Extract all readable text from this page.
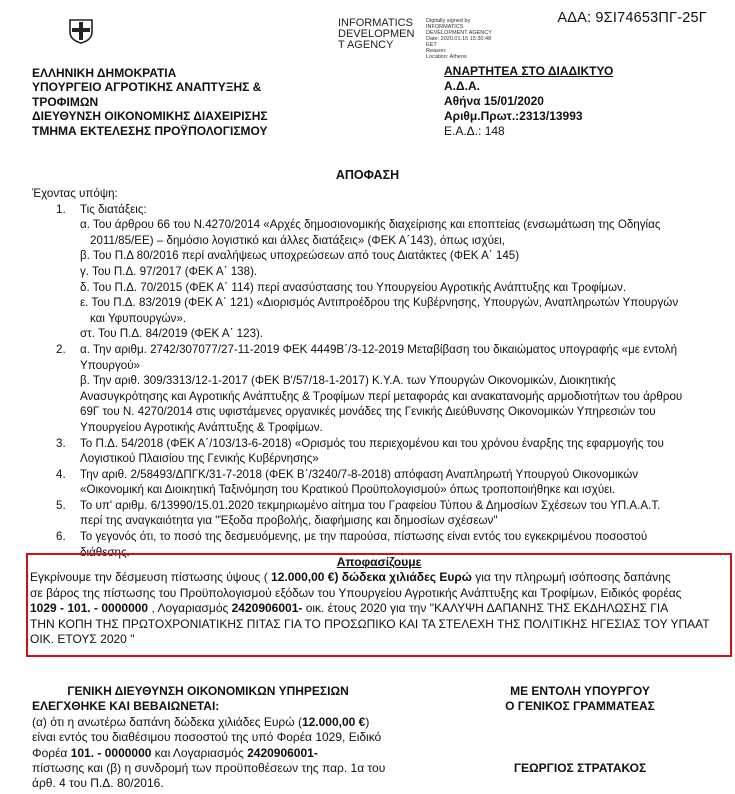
ΕΛΛΗΝΙΚΗ ΔΗΜΟΚΡΑΤΙΑ
ΥΠΟΥΡΓΕΙΟ ΑΓΡΟΤΙΚΗΣ ΑΝΑΠΤΥΞΗΣ &
ΤΡΟΦΙΜΩΝ
ΔΙΕΥΘΥΝΣΗ ΟΙΚΟΝΟΜΙΚΗΣ ΔΙΑΧΕΙΡΙΣΗΣ
ΤΜΗΜΑ ΕΚΤΕΛΕΣΗΣ ΠΡΟΫΠΟΛΟΓΙΣΜΟΥ
INFORMATICS
DEVELOPMEN
T AGENCY
Digitally signed by
INFORMATICS
DEVELOPMENT AGENCY
Date: 2020.01.15 15:30:48
EET
Reason:
Location: Athens
ΑΔΑ: 9ΣΙ74653ΠΓ-25Γ
ΑΝΑΡΤΗΤΕΑ ΣΤΟ ΔΙΑΔΙΚΤΥΟ
Α.Δ.Α.
Αθήνα 15/01/2020
Αριθμ.Πρωτ.:2313/13993
Ε.Α.Δ.: 148
ΑΠΟΦΑΣΗ
Έχοντας υπόψη:
1. Τις διατάξεις:
α. Του άρθρου 66 του Ν.4270/2014 «Αρχές δημοσιονομικής διαχείρισης και εποπτείας (ενσωμάτωση της Οδηγίας
2011/85/ΕΕ) – δημόσιο λογιστικό και άλλες διατάξεις» (ΦΕΚ Α΄143), όπως ισχύει,
β. Του Π.Δ 80/2016 περί αναλήψεως υποχρεώσεων από τους Διατάκτες (ΦΕΚ Α΄ 145)
γ. Του Π.Δ. 97/2017 (ΦΕΚ Α΄ 138).
δ. Του Π.Δ. 70/2015 (ΦΕΚ Α΄ 114) περί ανασύστασης του Υπουργείου Αγροτικής Ανάπτυξης και Τροφίμων.
ε. Του Π.Δ. 83/2019 (ΦΕΚ Α΄ 121) «Διορισμός Αντιπροέδρου της Κυβέρνησης, Υπουργών, Αναπληρωτών Υπουργών
και Υφυπουργών».
στ. Του Π.Δ. 84/2019 (ΦΕΚ Α΄ 123).
2. α. Την αριθμ. 2742/307077/27-11-2019 ΦΕΚ 4449Β΄/3-12-2019 Μεταβίβαση του δικαιώματος υπογραφής «με εντολή
Υπουργού»
β. Την αριθ. 309/3313/12-1-2017 (ΦΕΚ Β'/57/18-1-2017) Κ.Υ.Α. των Υπουργών Οικονομικών, Διοικητικής
Ανασυγκρότησης και Αγροτικής Ανάπτυξης & Τροφίμων περί μεταφοράς και ανακατανομής αρμοδιοτήτων του άρθρου
69Γ του Ν. 4270/2014 στις υφιστάμενες οργανικές μονάδες της Γενικής Διεύθυνσης Οικονομικών Υπηρεσιών του
Υπουργείου Αγροτικής Ανάπτυξης & Τροφίμων.
3. Το Π.Δ. 54/2018 (ΦΕΚ Α΄/103/13-6-2018) «Ορισμός του περιεχομένου και του χρόνου έναρξης της εφαρμογής του
Λογιστικού Πλαισίου της Γενικής Κυβέρνησης»
4. Την αριθ. 2/58493/ΔΠΓΚ/31-7-2018 (ΦΕΚ Β΄/3240/7-8-2018) απόφαση Αναπληρωτή Υπουργού Οικονομικών
«Οικονομική και Διοικητική Ταξινόμηση του Κρατικού Προϋπολογισμού» όπως τροποποιήθηκε και ισχύει.
5. Το υπ' αριθμ. 6/13990/15.01.2020 τεκμηριωμένο αίτημα του Γραφείου Τύπου & Δημοσίων Σχέσεων του ΥΠ.Α.Α.Τ.
περί της αναγκαιότητα για "Έξοδα προβολής, διαφήμισης και δημοσίων σχέσεων"
6. Το γεγονός ότι, το ποσό της δεσμευόμενης, με την παρούσα, πίστωσης είναι εντός του εγκεκριμένου ποσοστού
διάθεσης.
Αποφασίζουμε
Εγκρίνουμε την δέσμευση πίστωσης ύψους ( 12.000,00 €) δώδεκα χιλιάδες Ευρώ για την πληρωμή ισόποσης δαπάνης
σε βάρος της πίστωσης του Προϋπολογισμού εξόδων του Υπουργείου Αγροτικής Ανάπτυξης και Τροφίμων, Ειδικός φορέας
1029 - 101. - 0000000 , Λογαριασμός 2420906001- οικ. έτους 2020 για την "ΚΑΛΥΨΗ ΔΑΠΑΝΗΣ ΤΗΣ ΕΚΔΗΛΩΣΗΣ ΓΙΑ
ΤΗΝ ΚΟΠΗ ΤΗΣ ΠΡΩΤΟΧΡΟΝΙΑΤΙΚΗΣ ΠΙΤΑΣ ΓΙΑ ΤΟ ΠΡΟΣΩΠΙΚΟ ΚΑΙ ΤΑ ΣΤΕΛΕΧΗ ΤΗΣ ΠΟΛΙΤΙΚΗΣ ΗΓΕΣΙΑΣ ΤΟΥ ΥΠΑΑΤ
ΟΙΚ. ΕΤΟΥΣ 2020 "
ΓΕΝΙΚΗ ΔΙΕΥΘΥΝΣΗ ΟΙΚΟΝΟΜΙΚΩΝ ΥΠΗΡΕΣΙΩΝ
ΕΛΕΓΧΘΗΚΕ ΚΑΙ ΒΕΒΑΙΩΝΕΤΑΙ:
(α) ότι η ανωτέρω δαπάνη δώδεκα χιλιάδες Ευρώ (12.000,00 €)
είναι εντός του διαθέσιμου ποσοστού της υπό Φορέα 1029, Ειδικό
Φορέα 101. - 0000000 και Λογαριασμός 2420906001-
πίστωσης και (β) η συνδρομή των προϋποθέσεων της παρ. 1α του
άρθ. 4 του Π.Δ. 80/2016.
ΜΕ ΕΝΤΟΛΗ ΥΠΟΥΡΓΟΥ
Ο ΓΕΝΙΚΟΣ ΓΡΑΜΜΑΤΕΑΣ
ΓΕΩΡΓΙΟΣ ΣΤΡΑΤΑΚΟΣ
